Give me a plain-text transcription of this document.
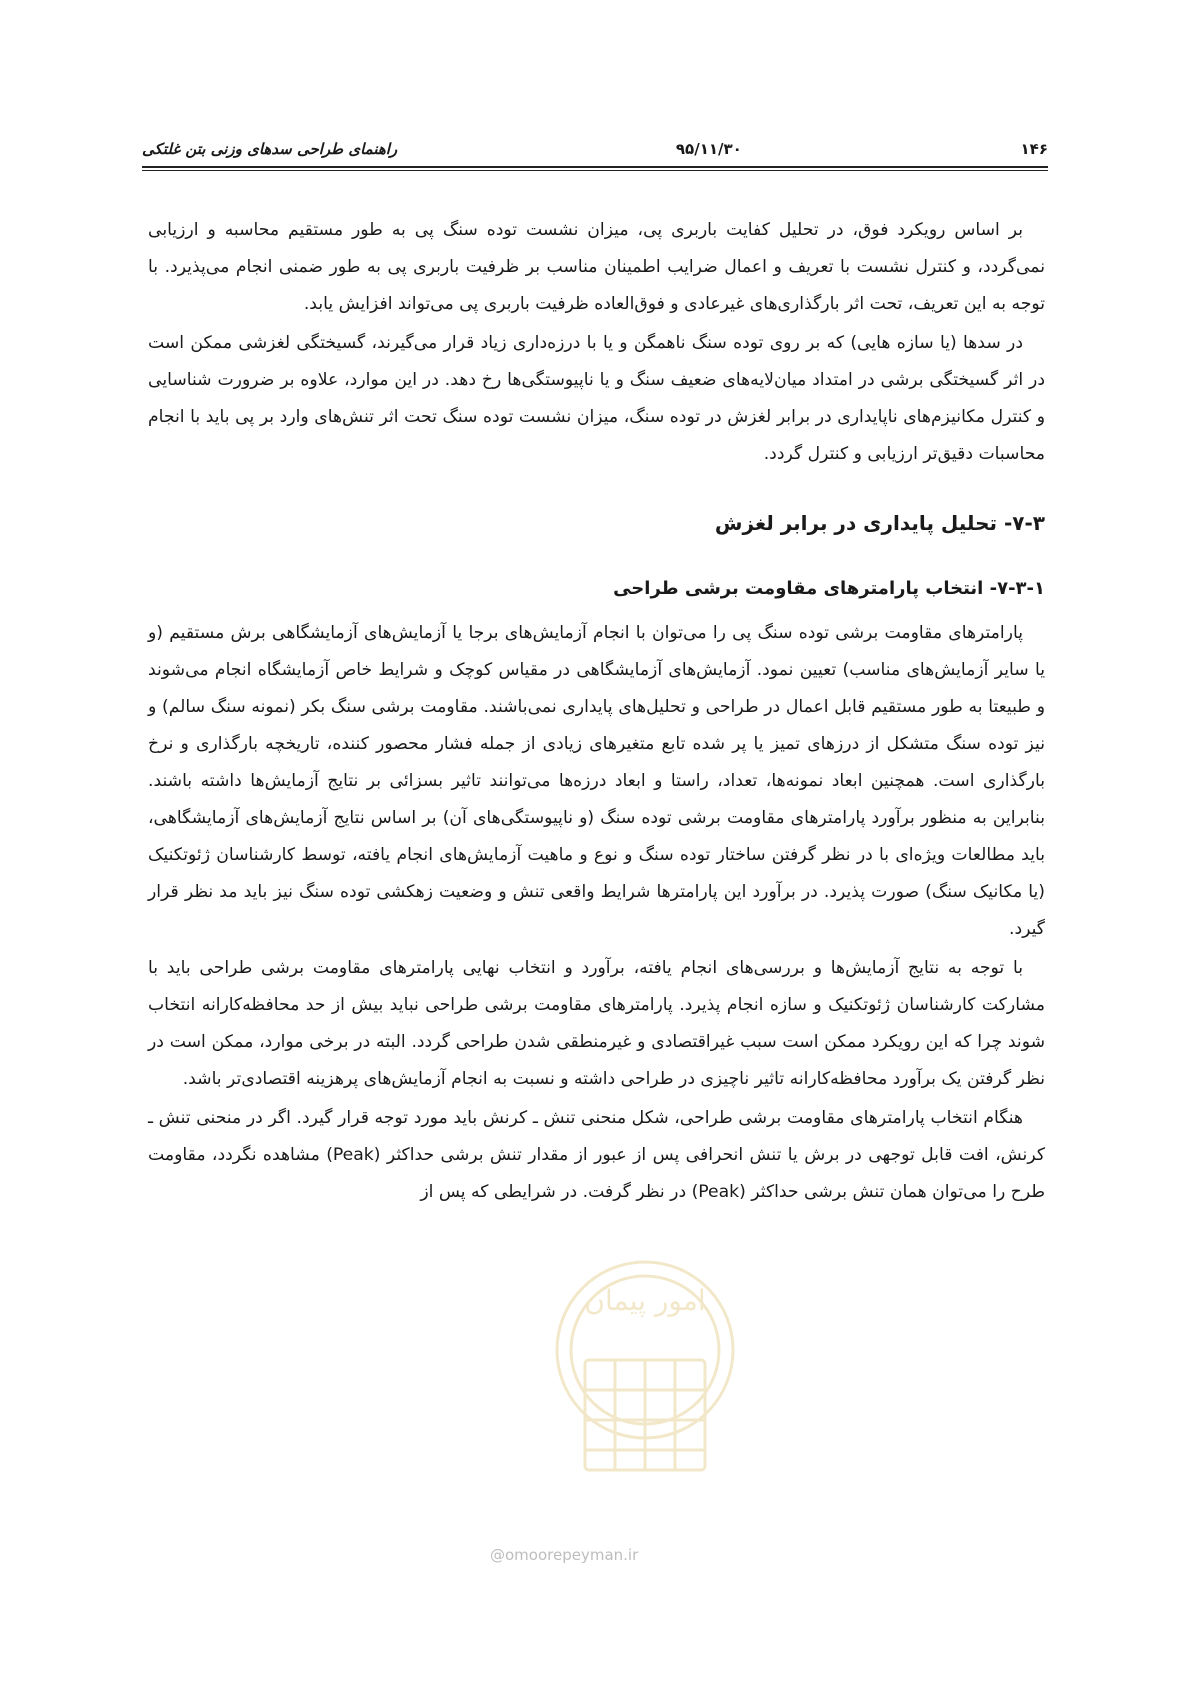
۱۴۶
۹۵/۱۱/۳۰
راهنمای طراحی سدهای وزنی بتن غلتکی

بر اساس رویکرد فوق، در تحلیل کفایت باربری پی، میزان نشست توده سنگ پی به طور مستقیم محاسبه و ارزیابی نمی‌گردد، و کنترل نشست با تعریف و اعمال ضرایب اطمینان مناسب بر ظرفیت باربری پی به طور ضمنی انجام می‌پذیرد. با توجه به این تعریف، تحت اثر بارگذاری‌های غیرعادی و فوق‌العاده ظرفیت باربری پی می‌تواند افزایش یابد.

در سدها (یا سازه هایی) که بر روی توده سنگ ناهمگن و یا با درزه‌داری زیاد قرار می‌گیرند، گسیختگی لغزشی ممکن است در اثر گسیختگی برشی در امتداد میان‌لایه‌های ضعیف سنگ و یا ناپیوستگی‌ها رخ دهد. در این موارد، علاوه بر ضرورت شناسایی و کنترل مکانیزم‌های ناپایداری در برابر لغزش در توده سنگ، میزان نشست توده سنگ تحت اثر تنش‌های وارد بر پی باید با انجام محاسبات دقیق‌تر ارزیابی و کنترل گردد.

۷-۳- تحلیل پایداری در برابر لغزش
۷-۳-۱- انتخاب پارامترهای مقاومت برشی طراحی

پارامترهای مقاومت برشی توده سنگ پی را می‌توان با انجام آزمایش‌های برجا یا آزمایش‌های آزمایشگاهی برش مستقیم (و یا سایر آزمایش‌های مناسب) تعیین نمود. آزمایش‌های آزمایشگاهی در مقیاس کوچک و شرایط خاص آزمایشگاه انجام می‌شوند و طبیعتا به طور مستقیم قابل اعمال در طراحی و تحلیل‌های پایداری نمی‌باشند. مقاومت برشی سنگ بکر (نمونه سنگ سالم) و نیز توده سنگ متشکل از درزهای تمیز یا پر شده تابع متغیرهای زیادی از جمله فشار محصور کننده، تاریخچه بارگذاری و نرخ بارگذاری است. همچنین ابعاد نمونه‌ها، تعداد، راستا و ابعاد درزه‌ها می‌توانند تاثیر بسزائی بر نتایج آزمایش‌ها داشته باشند. بنابراین به منظور برآورد پارامترهای مقاومت برشی توده سنگ (و ناپیوستگی‌های آن) بر اساس نتایج آزمایش‌های آزمایشگاهی، باید مطالعات ویژه‌ای با در نظر گرفتن ساختار توده سنگ و نوع و ماهیت آزمایش‌های انجام یافته، توسط کارشناسان ژئوتکنیک (یا مکانیک سنگ) صورت پذیرد. در برآورد این پارامترها شرایط واقعی تنش و وضعیت زهکشی توده سنگ نیز باید مد نظر قرار گیرد.

با توجه به نتایج آزمایش‌ها و بررسی‌های انجام یافته، برآورد و انتخاب نهایی پارامترهای مقاومت برشی طراحی باید با مشارکت کارشناسان ژئوتکنیک و سازه انجام پذیرد. پارامترهای مقاومت برشی طراحی نباید بیش از حد محافظه‌کارانه انتخاب شوند چرا که این رویکرد ممکن است سبب غیراقتصادی و غیرمنطقی شدن طراحی گردد. البته در برخی موارد، ممکن است در نظر گرفتن یک برآورد محافظه‌کارانه تاثیر ناچیزی در طراحی داشته و نسبت به انجام آزمایش‌های پرهزینه اقتصادی‌تر باشد.

هنگام انتخاب پارامترهای مقاومت برشی طراحی، شکل منحنی تنش ـ کرنش باید مورد توجه قرار گیرد. اگر در منحنی تنش ـ کرنش، افت قابل توجهی در برش یا تنش انحرافی پس از عبور از مقدار تنش برشی حداکثر (Peak) مشاهده نگردد، مقاومت طرح را می‌توان همان تنش برشی حداکثر (Peak) در نظر گرفت. در شرایطی که پس از

امور پیمان
@omoorepeyman.ir
